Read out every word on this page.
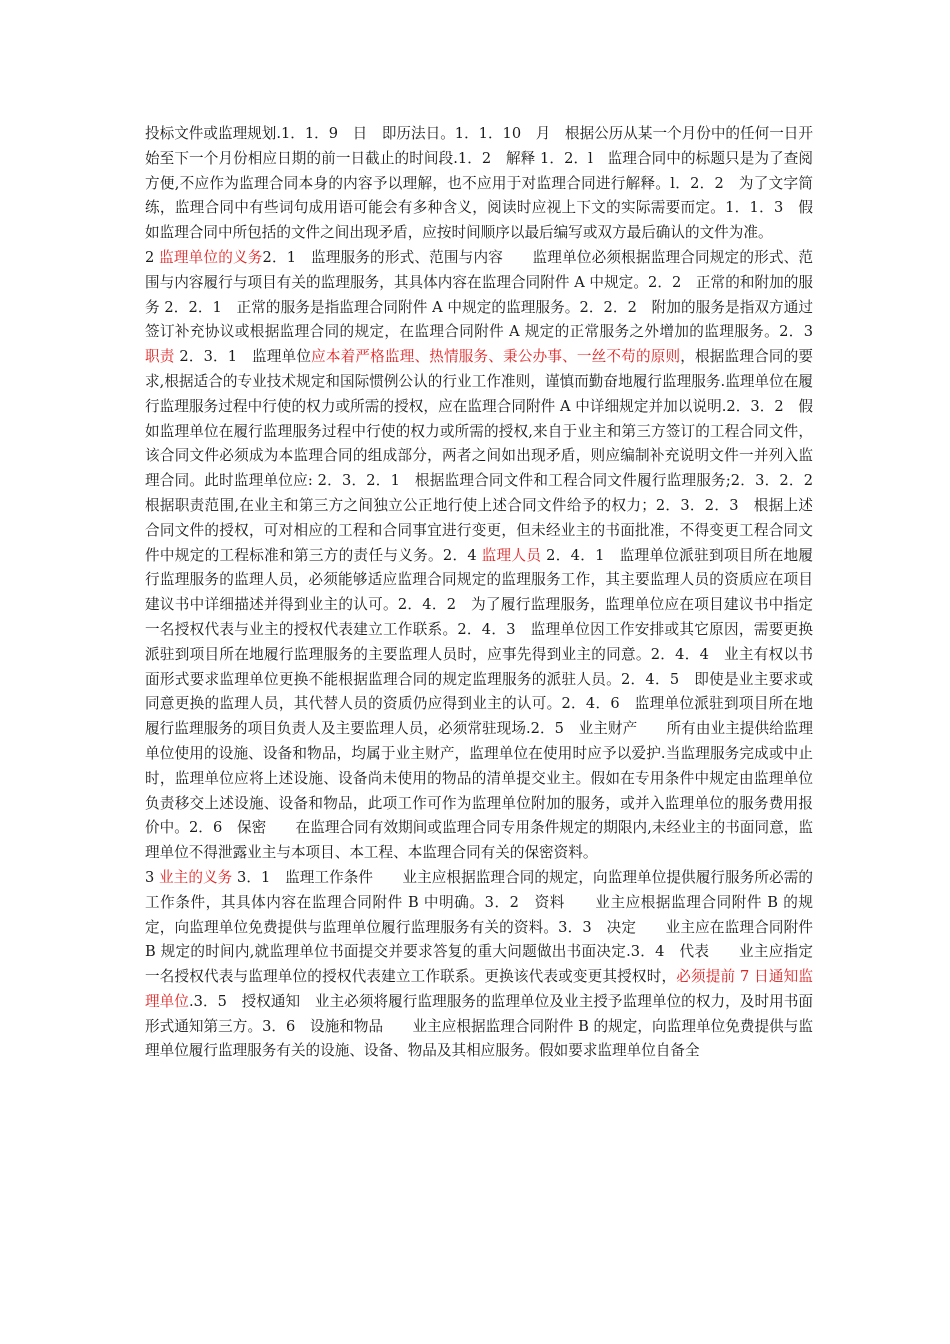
投标文件或监理规划.1．1．9　日　即历法日。1．1．10　月　根据公历从某一个月份中的任何一日开始至下一个月份相应日期的前一日截止的时间段.1．2　解释 1．2．l　监理合同中的标题只是为了查阅方便,不应作为监理合同本身的内容予以理解，也不应用于对监理合同进行解释。l．2．2　为了文字简练，监理合同中有些词句成用语可能会有多种含义，阅读时应视上下文的实际需要而定。1．1．3　假如监理合同中所包括的文件之间出现矛盾，应按时间顺序以最后编写或双方最后确认的文件为准。

2 监理单位的义务2．1　监理服务的形式、范围与内容　　监理单位必须根据监理合同规定的形式、范围与内容履行与项目有关的监理服务，其具体内容在监理合同附件 A 中规定。2．2　正常的和附加的服务 2．2．1　正常的服务是指监理合同附件 A 中规定的监理服务。2．2．2　附加的服务是指双方通过签订补充协议或根据监理合同的规定，在监理合同附件 A 规定的正常服务之外增加的监理服务。2．3 职责 2．3．1　监理单位应本着严格监理、热情服务、秉公办事、一丝不苟的原则，根据监理合同的要求,根据适合的专业技术规定和国际惯例公认的行业工作准则，谨慎而勤奋地履行监理服务.监理单位在履行监理服务过程中行使的权力或所需的授权，应在监理合同附件 A 中详细规定并加以说明.2．3．2　假如监理单位在履行监理服务过程中行使的权力或所需的授权,来自于业主和第三方签订的工程合同文件，该合同文件必须成为本监理合同的组成部分，两者之间如出现矛盾，则应编制补充说明文件一并列入监理合同。此时监理单位应: 2．3．2．1　根据监理合同文件和工程合同文件履行监理服务;2．3．2．2　根据职责范围,在业主和第三方之间独立公正地行使上述合同文件给予的权力；2．3．2．3　根据上述合同文件的授权，可对相应的工程和合同事宜进行变更，但未经业主的书面批准，不得变更工程合同文件中规定的工程标准和第三方的责任与义务。2．4 监理人员 2．4．1　监理单位派驻到项目所在地履行监理服务的监理人员，必须能够适应监理合同规定的监理服务工作，其主要监理人员的资质应在项目建议书中详细描述并得到业主的认可。2．4．2　为了履行监理服务，监理单位应在项目建议书中指定一名授权代表与业主的授权代表建立工作联系。2．4．3　监理单位因工作安排或其它原因，需要更换派驻到项目所在地履行监理服务的主要监理人员时，应事先得到业主的同意。2．4．4　业主有权以书面形式要求监理单位更换不能根据监理合同的规定监理服务的派驻人员。2．4．5　即使是业主要求或同意更换的监理人员，其代替人员的资质仍应得到业主的认可。2．4．6　监理单位派驻到项目所在地履行监理服务的项目负责人及主要监理人员，必须常驻现场.2．5　业主财产　　所有由业主提供给监理单位使用的设施、设备和物品，均属于业主财产，监理单位在使用时应予以爱护.当监理服务完成或中止时，监理单位应将上述设施、设备尚未使用的物品的清单提交业主。假如在专用条件中规定由监理单位负责移交上述设施、设备和物品，此项工作可作为监理单位附加的服务，或并入监理单位的服务费用报价中。2．6　保密　　在监理合同有效期间或监理合同专用条件规定的期限内,未经业主的书面同意，监理单位不得泄露业主与本项目、本工程、本监理合同有关的保密资料。

3 业主的义务 3．1　监理工作条件　　业主应根据监理合同的规定，向监理单位提供履行服务所必需的工作条件，其具体内容在监理合同附件 B 中明确。3．2　资料　　业主应根据监理合同附件 B 的规定，向监理单位免费提供与监理单位履行监理服务有关的资料。3．3　决定　　业主应在监理合同附件 B 规定的时间内,就监理单位书面提交并要求答复的重大问题做出书面决定.3．4　代表　　业主应指定一名授权代表与监理单位的授权代表建立工作联系。更换该代表或变更其授权时，必须提前 7 日通知监理单位.3．5　授权通知　业主必须将履行监理服务的监理单位及业主授予监理单位的权力，及时用书面形式通知第三方。3．6　设施和物品　　业主应根据监理合同附件 B 的规定，向监理单位免费提供与监理单位履行监理服务有关的设施、设备、物品及其相应服务。假如要求监理单位自备全
